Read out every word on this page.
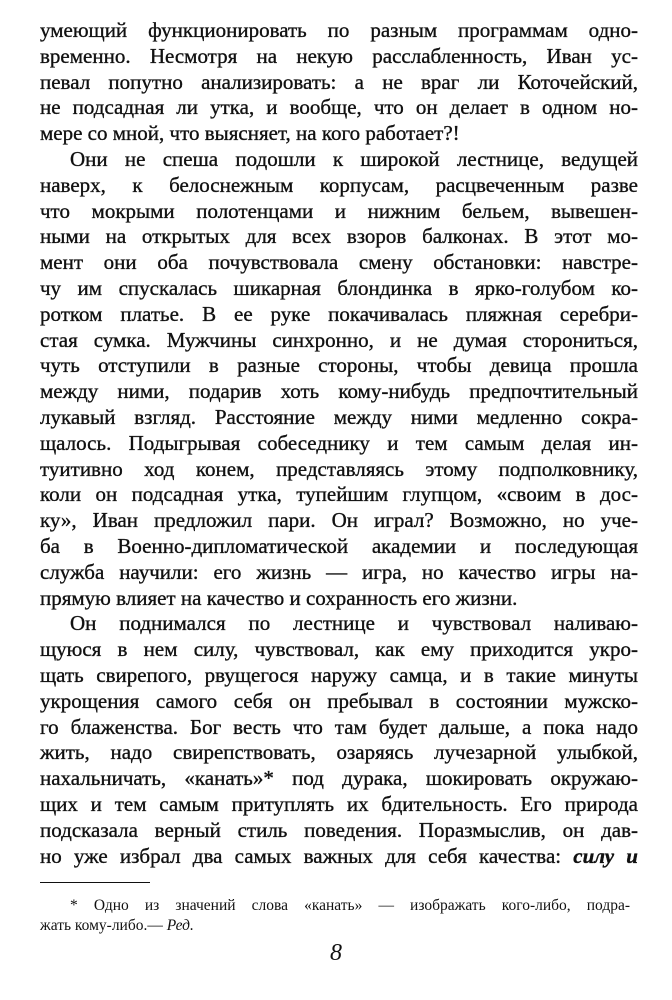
умеющий функционировать по разным программам одно-
временно. Несмотря на некую расслабленность, Иван ус-
певал попутно анализировать: а не враг ли Коточейский,
не подсадная ли утка, и вообще, что он делает в одном но-
мере со мной, что выясняет, на кого работает?!
Они не спеша подошли к широкой лестнице, ведущей
наверх, к белоснежным корпусам, расцвеченным разве
что мокрыми полотенцами и нижним бельем, вывешен-
ными на открытых для всех взоров балконах. В этот мо-
мент они оба почувствовала смену обстановки: навстре-
чу им спускалась шикарная блондинка в ярко-голубом ко-
ротком платье. В ее руке покачивалась пляжная серебри-
стая сумка. Мужчины синхронно, и не думая сторониться,
чуть отступили в разные стороны, чтобы девица прошла
между ними, подарив хоть кому-нибудь предпочтительный
лукавый взгляд. Расстояние между ними медленно сокра-
щалось. Подыгрывая собеседнику и тем самым делая ин-
туитивно ход конем, представляясь этому подполковнику,
коли он подсадная утка, тупейшим глупцом, «своим в дос-
ку», Иван предложил пари. Он играл? Возможно, но уче-
ба в Военно-дипломатической академии и последующая
служба научили: его жизнь — игра, но качество игры на-
прямую влияет на качество и сохранность его жизни.
Он поднимался по лестнице и чувствовал наливаю-
щуюся в нем силу, чувствовал, как ему приходится укро-
щать свирепого, рвущегося наружу самца, и в такие минуты
укрощения самого себя он пребывал в состоянии мужско-
го блаженства. Бог весть что там будет дальше, а пока надо
жить, надо свирепствовать, озаряясь лучезарной улыбкой,
нахальничать, «канать»* под дурака, шокировать окружаю-
щих и тем самым притуплять их бдительность. Его природа
подсказала верный стиль поведения. Поразмыслив, он дав-
но уже избрал два самых важных для себя качества: силу и
* Одно из значений слова «канать» — изображать кого-либо, подра-
жать кому-либо.— Ред.
8
